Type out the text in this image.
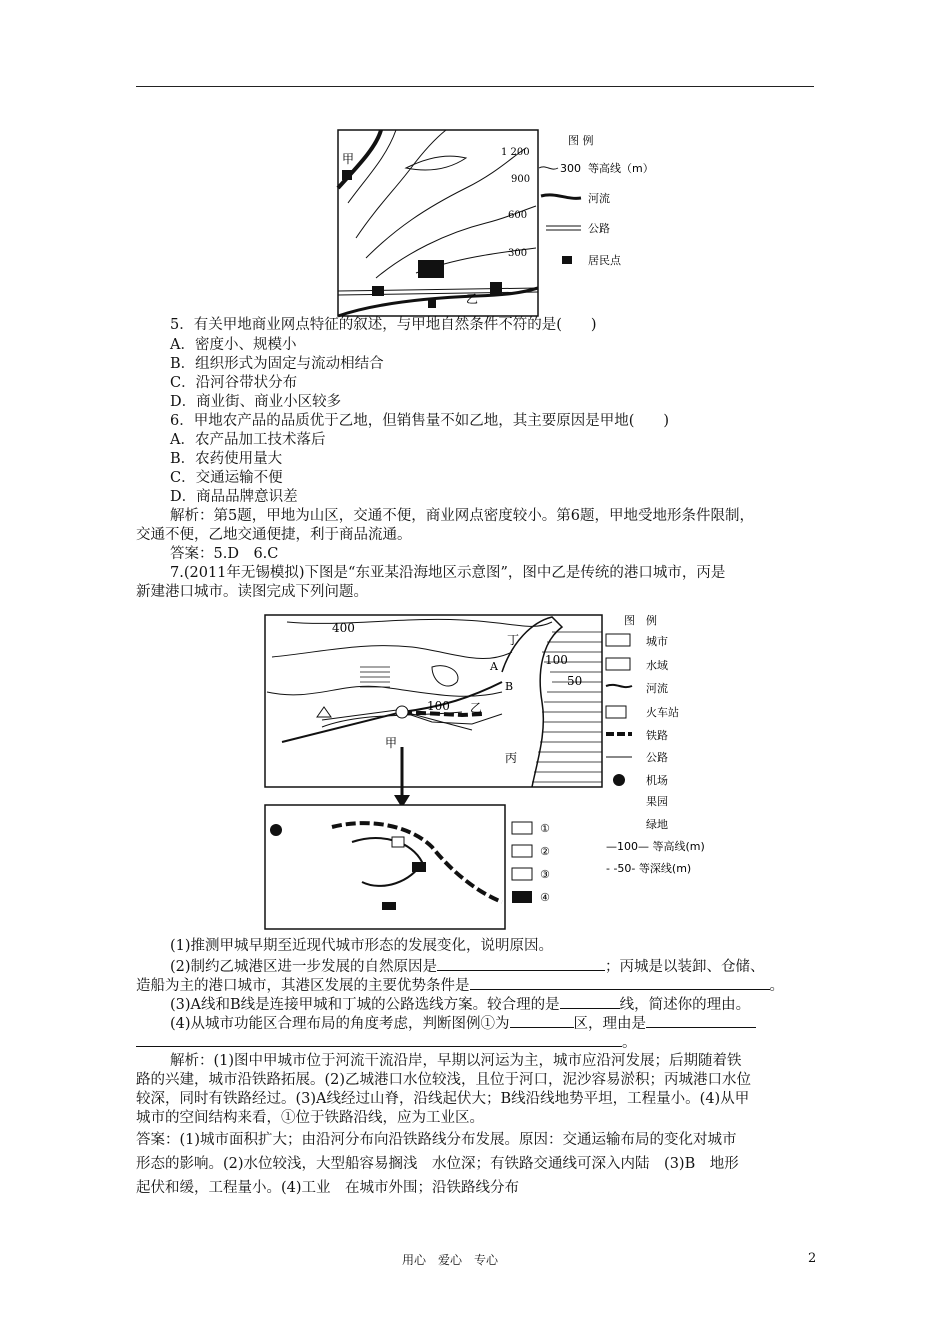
甲
乙
1 200
900
600
300
图 例
300 等高线（m）
河流
公路
居民点
5．有关甲地商业网点特征的叙述，与甲地自然条件不符的是(　　)
A．密度小、规模小
B．组织形式为固定与流动相结合
C．沿河谷带状分布
D．商业街、商业小区较多
6．甲地农产品的品质优于乙地，但销售量不如乙地，其主要原因是甲地(　　)
A．农产品加工技术落后
B．农药使用量大
C．交通运输不便
D．商品品牌意识差
解析：第5题，甲地为山区，交通不便，商业网点密度较小。第6题，甲地受地形条件限制，
交通不便，乙地交通便捷，利于商品流通。
答案：5.D　6.C
7.(2011年无锡模拟)下图是“东亚某沿海地区示意图”，图中乙是传统的港口城市，丙是
新建港口城市。读图完成下列问题。
400
100
100
50
A
B
丁
乙
丙
甲
图　例
城市
水域
河流
火车站
铁路
公路
机场
果园
绿地
—100— 等高线(m)
- -50- 等深线(m)
①
②
③
④
(1)推测甲城早期至近现代城市形态的发展变化，说明原因。
(2)制约乙城港区进一步发展的自然原因是	；丙城是以装卸、仓储、
造船为主的港口城市，其港区发展的主要优势条件是	。
(3)A线和B线是连接甲城和丁城的公路选线方案。较合理的是	线，简述你的理由。
(4)从城市功能区合理布局的角度考虑，判断图例①为	区，理由是
。
解析：(1)图中甲城市位于河流干流沿岸，早期以河运为主，城市应沿河发展；后期随着铁
路的兴建，城市沿铁路拓展。(2)乙城港口水位较浅，且位于河口，泥沙容易淤积；丙城港口水位
较深，同时有铁路经过。(3)A线经过山脊，沿线起伏大；B线沿线地势平坦，工程量小。(4)从甲
城市的空间结构来看，①位于铁路沿线，应为工业区。
答案：(1)城市面积扩大；由沿河分布向沿铁路线分布发展。原因：交通运输布局的变化对城市
形态的影响。(2)水位较浅，大型船容易搁浅　水位深；有铁路交通线可深入内陆　(3)B　地形
起伏和缓，工程量小。(4)工业　在城市外围；沿铁路线分布
用心　爱心　专心	2
